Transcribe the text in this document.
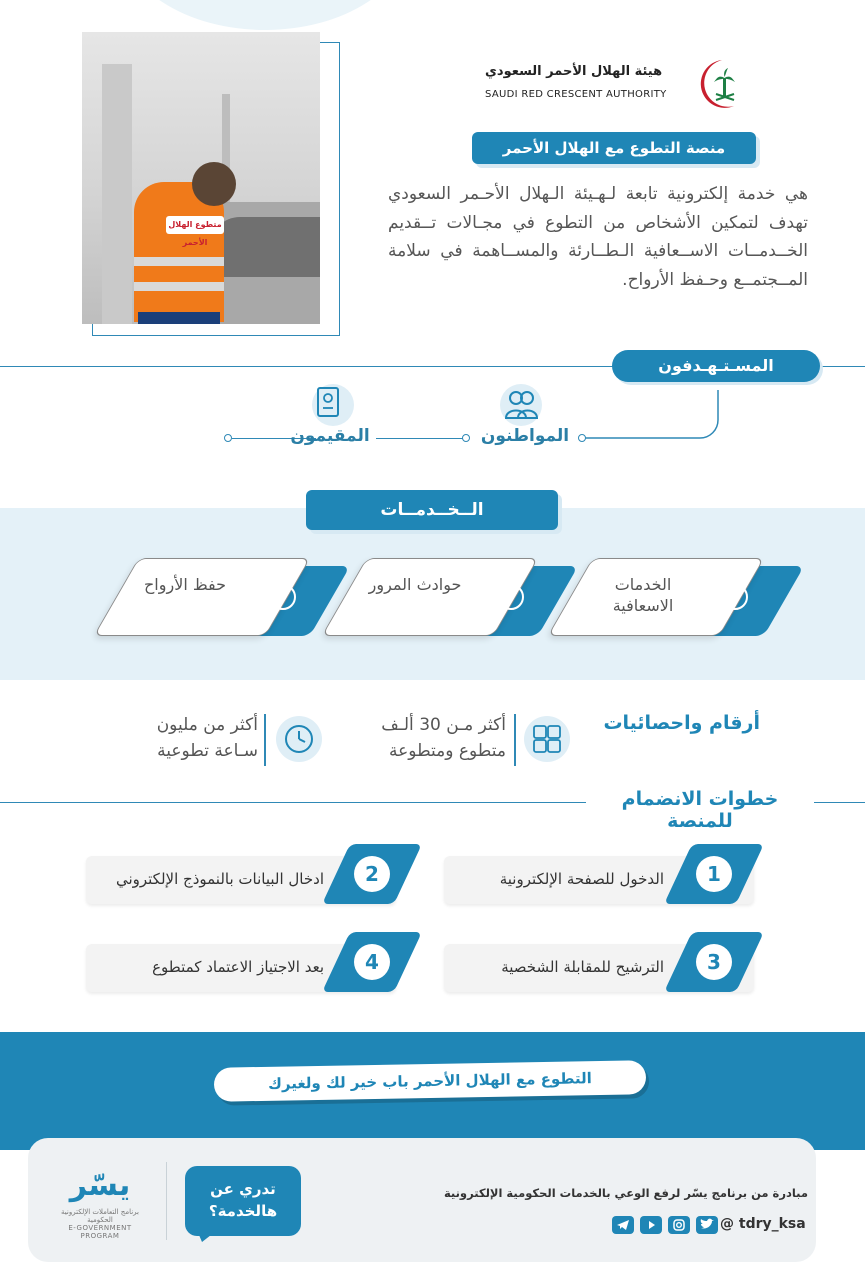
متطوع الهلال الأحمر
هيئة الهلال الأحمر السعودي
SAUDI RED CRESCENT AUTHORITY
منصة التطوع مع الهلال الأحمر
هي خدمة إلكترونية تابعة لـهـيئة الـهلال الأحـمر السعودي تهدف لتمكين الأشخاص من التطوع في مجـالات تــقديم الخــدمــات الاســعافية الـطــارئة والمســاهمة في سلامة المــجتمــع وحـفظ الأرواح.
المسـتـهـدفون
المواطنون
المقيمون
الــخــدمــات
الخدمات الاسعافية
حوادث المرور
حفظ الأرواح
أرقام واحصائيات
أكثر مـن 30 ألـف
متطوع ومتطوعة
أكثر من مليون
سـاعة تطوعية
خطوات الانضمام للمنصة
1
الدخول للصفحة الإلكترونية
2
ادخال البيانات بالنموذج الإلكتروني
3
الترشيح للمقابلة الشخصية
4
بعد الاجتياز الاعتماد كمتطوع
التطوع مع الهلال الأحمر باب خير لك ولغيرك
مبادرة من برنامج يسّر لرفع الوعي بالخدمات الحكومية الإلكترونية
@ tdry_ksa
تدري عن
هالخدمة؟
يسّر
برنامج التعاملات الإلكترونية الحكومية
E-GOVERNMENT PROGRAM
